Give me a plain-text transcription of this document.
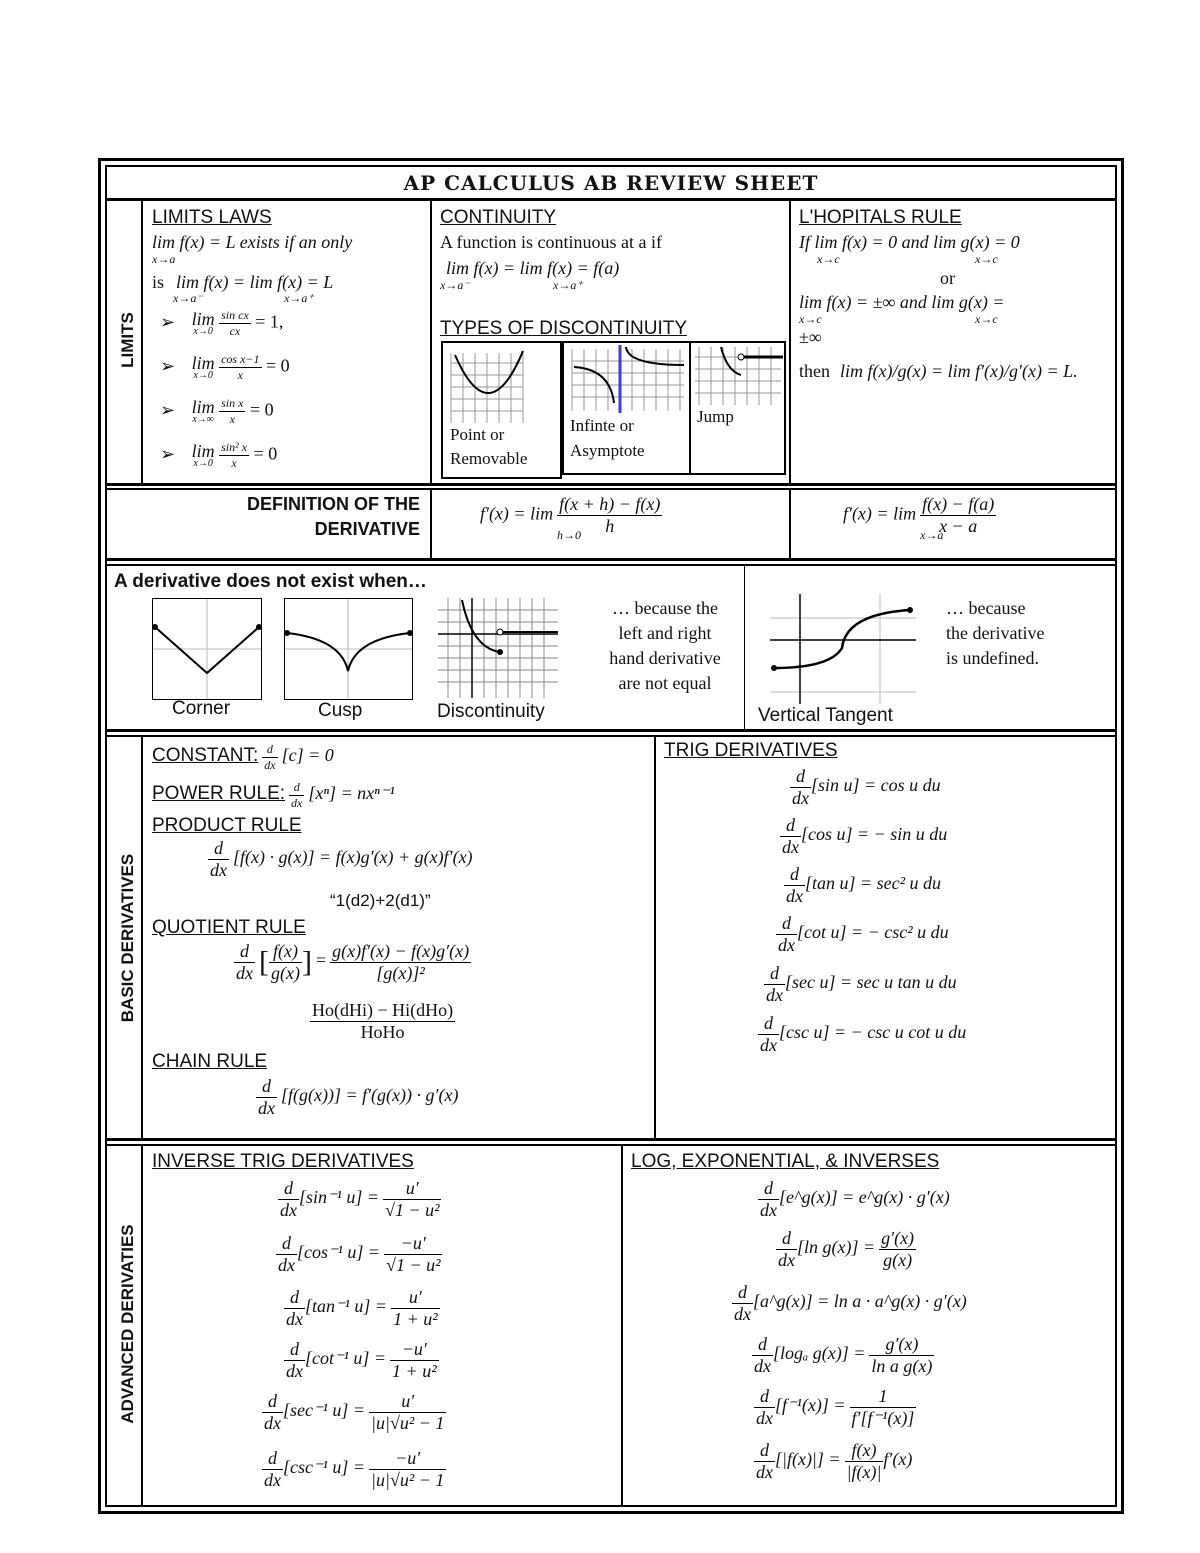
AP CALCULUS AB REVIEW SHEET
LIMITS
BASIC DERIVATIVES
ADVANCED DERIVATIES
LIMITS LAWS
lim f(x) = L exists if an only
x→a
is lim f(x) = lim f(x) = L
x→a⁻	x→a⁺
➢ lim
x→0
$\frac{\text{sin cx}}{cx} = 1$,
➢ lim
x→0
$\frac{\text{cos x−1}}{x} = 0$
➢ lim
x→∞
$\frac{\text{sin x}}{x} = 0$
➢ lim
x→0
$\frac{\text{sin² x}}{x} = 0$
CONTINUITY
A function is continuous at a if
lim f(x) = lim f(x) = f(a)
x→a⁻	x→a⁺
TYPES OF DISCONTINUITY
Point or
Removable
Infinte or
Asymptote
Jump
L'HOPITALS RULE
If lim f(x) = 0 and lim g(x) = 0
x→c	x→c
or
lim f(x) = ±∞ and lim g(x) =
x→c	x→c
±∞
then lim f(x)/g(x) = lim f′(x)/g′(x) = L.
DEFINITION OF THE
DERIVATIVE
$f'(x) = \lim \frac{f(x + h) - f(x)}{h}$
h→0
$f'(x) = \lim \frac{f(x) - f(a)}{x - a}$
x→a
A derivative does not exist when…
Corner	Cusp	Discontinuity
… because the
left and right
hand derivative
are not equal
Vertical Tangent
… because
the derivative
is undefined.
CONSTANT: $\frac{d}{dx} [c] = 0$
POWER RULE: $\frac{d}{dx} [x^n] = nx^{n-1}$
PRODUCT RULE
$\frac{d}{dx} [f(x) \cdot g(x)] = f(x)g'(x) + g(x)f'(x)$
“1(d2)+2(d1)”
QUOTIENT RULE
$\frac{d}{dx}$ [ $\frac{f(x)}{g(x)}$ ] = $\frac{g(x)f'(x) - f(x)g'(x)}{\text{[g(x)]²}}$
$\frac{\text{Ho(dHi) − Hi(dHo)}}{\text{HoHo}}$
CHAIN RULE
$\frac{d}{dx} [f(g(x))] = f'(g(x)) \cdot g'(x)$
TRIG DERIVATIVES
$\frac{d}{dx} [\sin$ u] = cos u du
$\frac{d}{dx} [\cos$ u] = − sin u du
$\frac{d}{dx} [\tan$ u] = sec² u du
$\frac{d}{dx} [\cot$ u] = − csc² u du
$\frac{d}{dx} [\sec$ u] = sec u tan u du
$\frac{d}{dx} [\csc$ u] = − csc u cot u du
INVERSE TRIG DERIVATIVES
$\frac{d}{dx} [\sin^{-1}$ $u] = \frac{u'}{\text{√1 − u²}}$
$\frac{d}{dx} [\cos^{-1}$ $u] = \frac{-u'}{\text{√1 − u²}}$
$\frac{d}{dx} [\tan^{-1}$ $u] = \frac{u'}{\text{1 + u²}}$
$\frac{d}{dx} [\cot^{-1}$ $u] = \frac{-u'}{\text{1 + u²}}$
$\frac{d}{dx} [\sec^{-1}$ $u] = \frac{u'}{\text{|u|√u² − 1}}$
$\frac{d}{dx} [\csc^{-1}$ $u] = \frac{-u'}{\text{|u|√u² − 1}}$
LOG, EXPONENTIAL, & INVERSES
$\frac{d}{dx}$ [e^g(x)] = e^g(x) · g′(x)
$\frac{d}{dx} [\ln$ $g(x)] = \frac{g'(x)}{g(x)}$
$\frac{d}{dx}$ [a^g(x)] = ln a · a^g(x) · g′(x)
$\frac{d}{dx} [\log_a$ $g(x)] = \frac{g'(x)}{\text{ln a g(x)}}$
$\frac{d}{dx} [f^{-1}(x)] = \frac{1}{\text{f′[f⁻¹(x)]}}$
$\frac{d}{dx} [|f(x)|] = \frac{f(x)}{|f(x)|} f'(x)$
